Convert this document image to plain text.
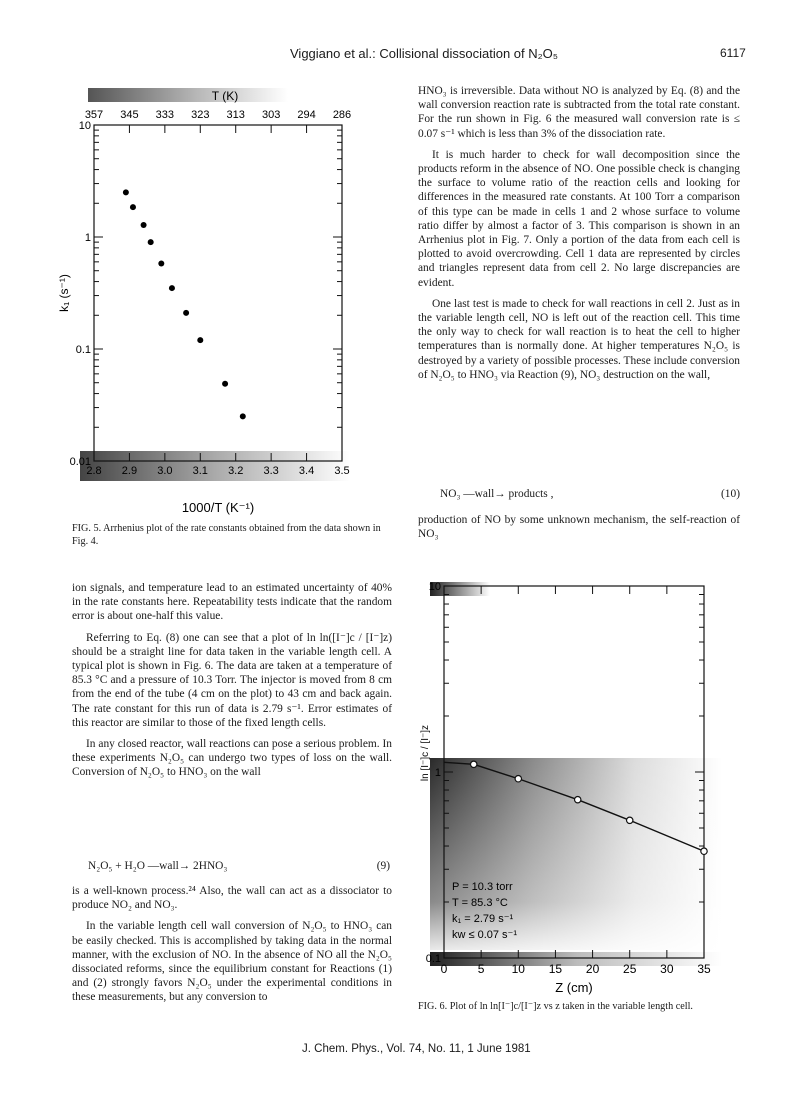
Viggiano et al.: Collisional dissociation of N₂O₅	6117
T (K)
357 345 333 323 313 303 294 286
0.01
0.1
1
10
2.8 2.9 3.0 3.1 3.2 3.3 3.4 3.5
1000/T (K⁻¹)
k₁ (s⁻¹)
FIG. 5. Arrhenius plot of the rate constants obtained from the data shown in Fig. 4.

ion signals, and temperature lead to an estimated uncertainty of 40% in the rate constants here. Repeatability tests indicate that the random error is about one-half this value.

Referring to Eq. (8) one can see that a plot of ln ln([I⁻]c / [I⁻]z) should be a straight line for data taken in the variable length cell. A typical plot is shown in Fig. 6. The data are taken at a temperature of 85.3 °C and a pressure of 10.3 Torr. The injector is moved from 8 cm from the end of the tube (4 cm on the plot) to 43 cm and back again. The rate constant for this run of data is 2.79 s⁻¹. Error estimates of this reactor are similar to those of the fixed length cells.

In any closed reactor, wall reactions can pose a serious problem. In these experiments N₂O₅ can undergo two types of loss on the wall. Conversion of N₂O₅ to HNO₃ on the wall

N₂O₅ + H₂O —wall→ 2HNO₃	(9)

is a well-known process.²⁴ Also, the wall can act as a dissociator to produce NO₂ and NO₃.

In the variable length cell wall conversion of N₂O₅ to HNO₃ can be easily checked. This is accomplished by taking data in the normal manner, with the exclusion of NO. In the absence of NO all the N₂O₅ dissociated reforms, since the equilibrium constant for Reactions (1) and (2) strongly favors N₂O₅ under the experimental conditions in these measurements, but any conversion to

HNO₃ is irreversible. Data without NO is analyzed by Eq. (8) and the wall conversion reaction rate is subtracted from the total rate constant. For the run shown in Fig. 6 the measured wall conversion rate is ≤ 0.07 s⁻¹ which is less than 3% of the dissociation rate.

It is much harder to check for wall decomposition since the products reform in the absence of NO. One possible check is changing the surface to volume ratio of the reaction cells and looking for differences in the measured rate constants. At 100 Torr a comparison of this type can be made in cells 1 and 2 whose surface to volume ratio differ by almost a factor of 3. This comparison is shown in an Arrhenius plot in Fig. 7. Only a portion of the data from each cell is plotted to avoid overcrowding. Cell 1 data are represented by circles and triangles represent data from cell 2. No large discrepancies are evident.

One last test is made to check for wall reactions in cell 2. Just as in the variable length cell, NO is left out of the reaction cell. This time the only way to check for wall reaction is to heat the cell to higher temperatures than is normally done. At higher temperatures N₂O₅ is destroyed by a variety of possible processes. These include conversion of N₂O₅ to HNO₃ via Reaction (9), NO₃ destruction on the wall,

NO₃ —wall→ products ,	(10)

production of NO by some unknown mechanism, the self-reaction of NO₃

0.1
1
10
0	5 10 15 20 25 30 35
P = 10.3 torr
T = 85.3 °C
k₁ = 2.79 s⁻¹
kw ≤ 0.07 s⁻¹
Z (cm)
ln [I⁻]c / [I⁻]z
FIG. 6. Plot of ln ln[I⁻]c/[I⁻]z vs z taken in the variable length cell.
J. Chem. Phys., Vol. 74, No. 11, 1 June 1981
